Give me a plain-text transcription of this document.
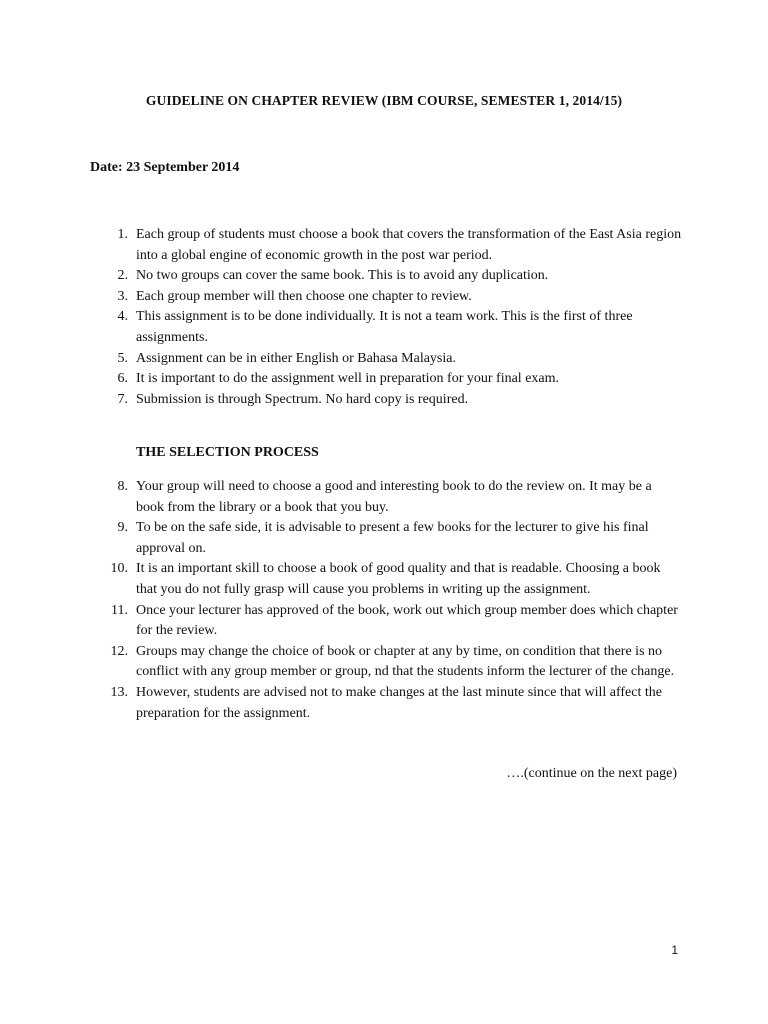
GUIDELINE ON CHAPTER REVIEW (IBM COURSE, SEMESTER 1, 2014/15)
Date: 23 September 2014
1. Each group of students must choose a book that covers the transformation of the East Asia region into a global engine of economic growth in the post war period.
2. No two groups can cover the same book. This is to avoid any duplication.
3. Each group member will then choose one chapter to review.
4. This assignment is to be done individually. It is not a team work. This is the first of three assignments.
5. Assignment can be in either English or Bahasa Malaysia.
6. It is important to do the assignment well in preparation for your final exam.
7. Submission is through Spectrum. No hard copy is required.
THE SELECTION PROCESS
8. Your group will need to choose a good and interesting book to do the review on. It may be a book from the library or a book that you buy.
9. To be on the safe side, it is advisable to present a few books for the lecturer to give his final approval on.
10. It is an important skill to choose a book of good quality and that is readable. Choosing a book that you do not fully grasp will cause you problems in writing up the assignment.
11. Once your lecturer has approved of the book, work out which group member does which chapter for the review.
12. Groups may change the choice of book or chapter at any by time, on condition that there is no conflict with any group member or group, nd that the students inform the lecturer of the change.
13. However, students are advised not to make changes at the last minute since that will affect the preparation for the assignment.
….(continue on the next page)
1
